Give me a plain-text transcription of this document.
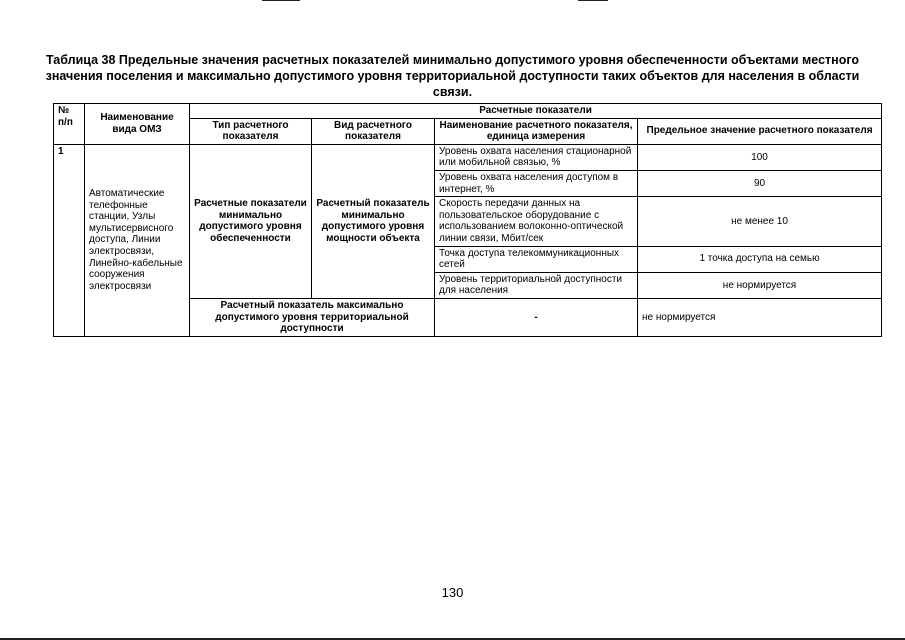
Таблица 38 Предельные значения расчетных показателей минимально допустимого уровня обеспеченности объектами местного значения поселения и максимально допустимого уровня территориальной доступности таких объектов для населения в области связи.
№ п/п	Наименование вида ОМЗ	Расчетные показатели			
		Тип расчетного показателя	Вид расчетного показателя	Наименование расчетного показателя, единица измерения	Предельное значение расчетного показателя
1	Автоматические телефонные станции, Узлы мультисервисного доступа, Линии электросвязи, Линейно-кабельные сооружения электросвязи	Расчетные показатели минимально допустимого уровня обеспеченности	Расчетный показатель минимально допустимого уровня мощности объекта	Уровень охвата населения стационарной или мобильной связью, %	100
				Уровень охвата населения доступом в интернет, %	90
				Скорость передачи данных на пользовательское оборудование с использованием волоконно-оптической линии связи, Мбит/сек	не менее 10
				Точка доступа телекоммуникационных сетей	1 точка доступа на семью
				Уровень территориальной доступности для населения	не нормируется
		Расчетный показатель максимально допустимого уровня территориальной доступности		-	не нормируется
130
